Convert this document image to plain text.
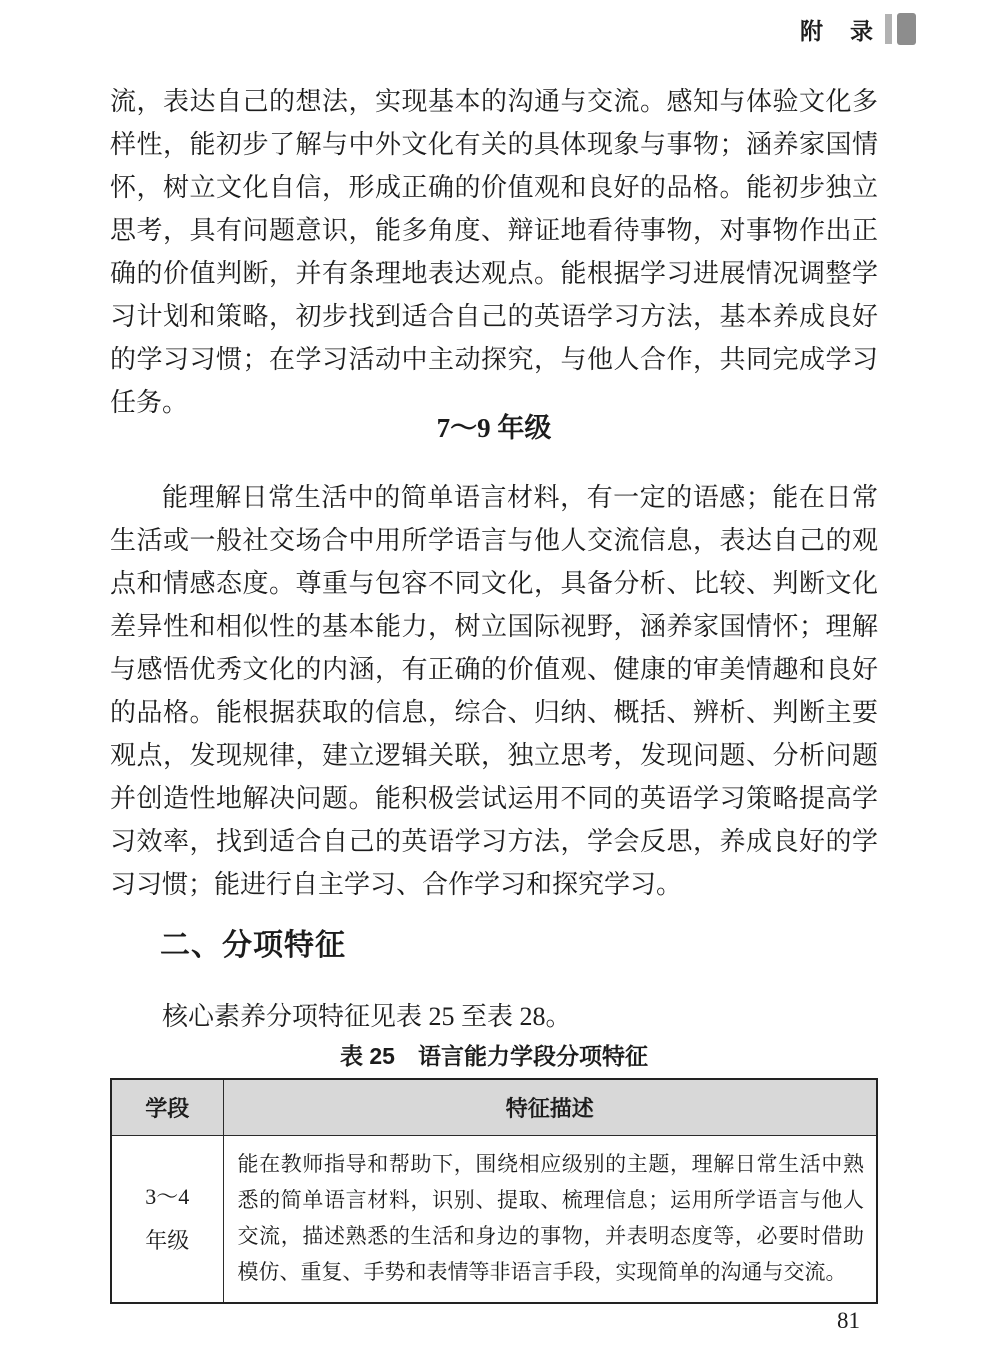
附　录

流，表达自己的想法，实现基本的沟通与交流。感知与体验文化多样性，能初步了解与中外文化有关的具体现象与事物；涵养家国情怀，树立文化自信，形成正确的价值观和良好的品格。能初步独立思考，具有问题意识，能多角度、辩证地看待事物，对事物作出正确的价值判断，并有条理地表达观点。能根据学习进展情况调整学习计划和策略，初步找到适合自己的英语学习方法，基本养成良好的学习习惯；在学习活动中主动探究，与他人合作，共同完成学习任务。

7～9 年级

能理解日常生活中的简单语言材料，有一定的语感；能在日常生活或一般社交场合中用所学语言与他人交流信息，表达自己的观点和情感态度。尊重与包容不同文化，具备分析、比较、判断文化差异性和相似性的基本能力，树立国际视野，涵养家国情怀；理解与感悟优秀文化的内涵，有正确的价值观、健康的审美情趣和良好的品格。能根据获取的信息，综合、归纳、概括、辨析、判断主要观点，发现规律，建立逻辑关联，独立思考，发现问题、分析问题并创造性地解决问题。能积极尝试运用不同的英语学习策略提高学习效率，找到适合自己的英语学习方法，学会反思，养成良好的学习习惯；能进行自主学习、合作学习和探究学习。

二、分项特征

核心素养分项特征见表 25 至表 28。

表 25　语言能力学段分项特征
学段	特征描述

3～4
年级	能在教师指导和帮助下，围绕相应级别的主题，理解日常生活中熟悉的简单语言材料，识别、提取、梳理信息；运用所学语言与他人交流，描述熟悉的生活和身边的事物，并表明态度等，必要时借助模仿、重复、手势和表情等非语言手段，实现简单的沟通与交流。
81
